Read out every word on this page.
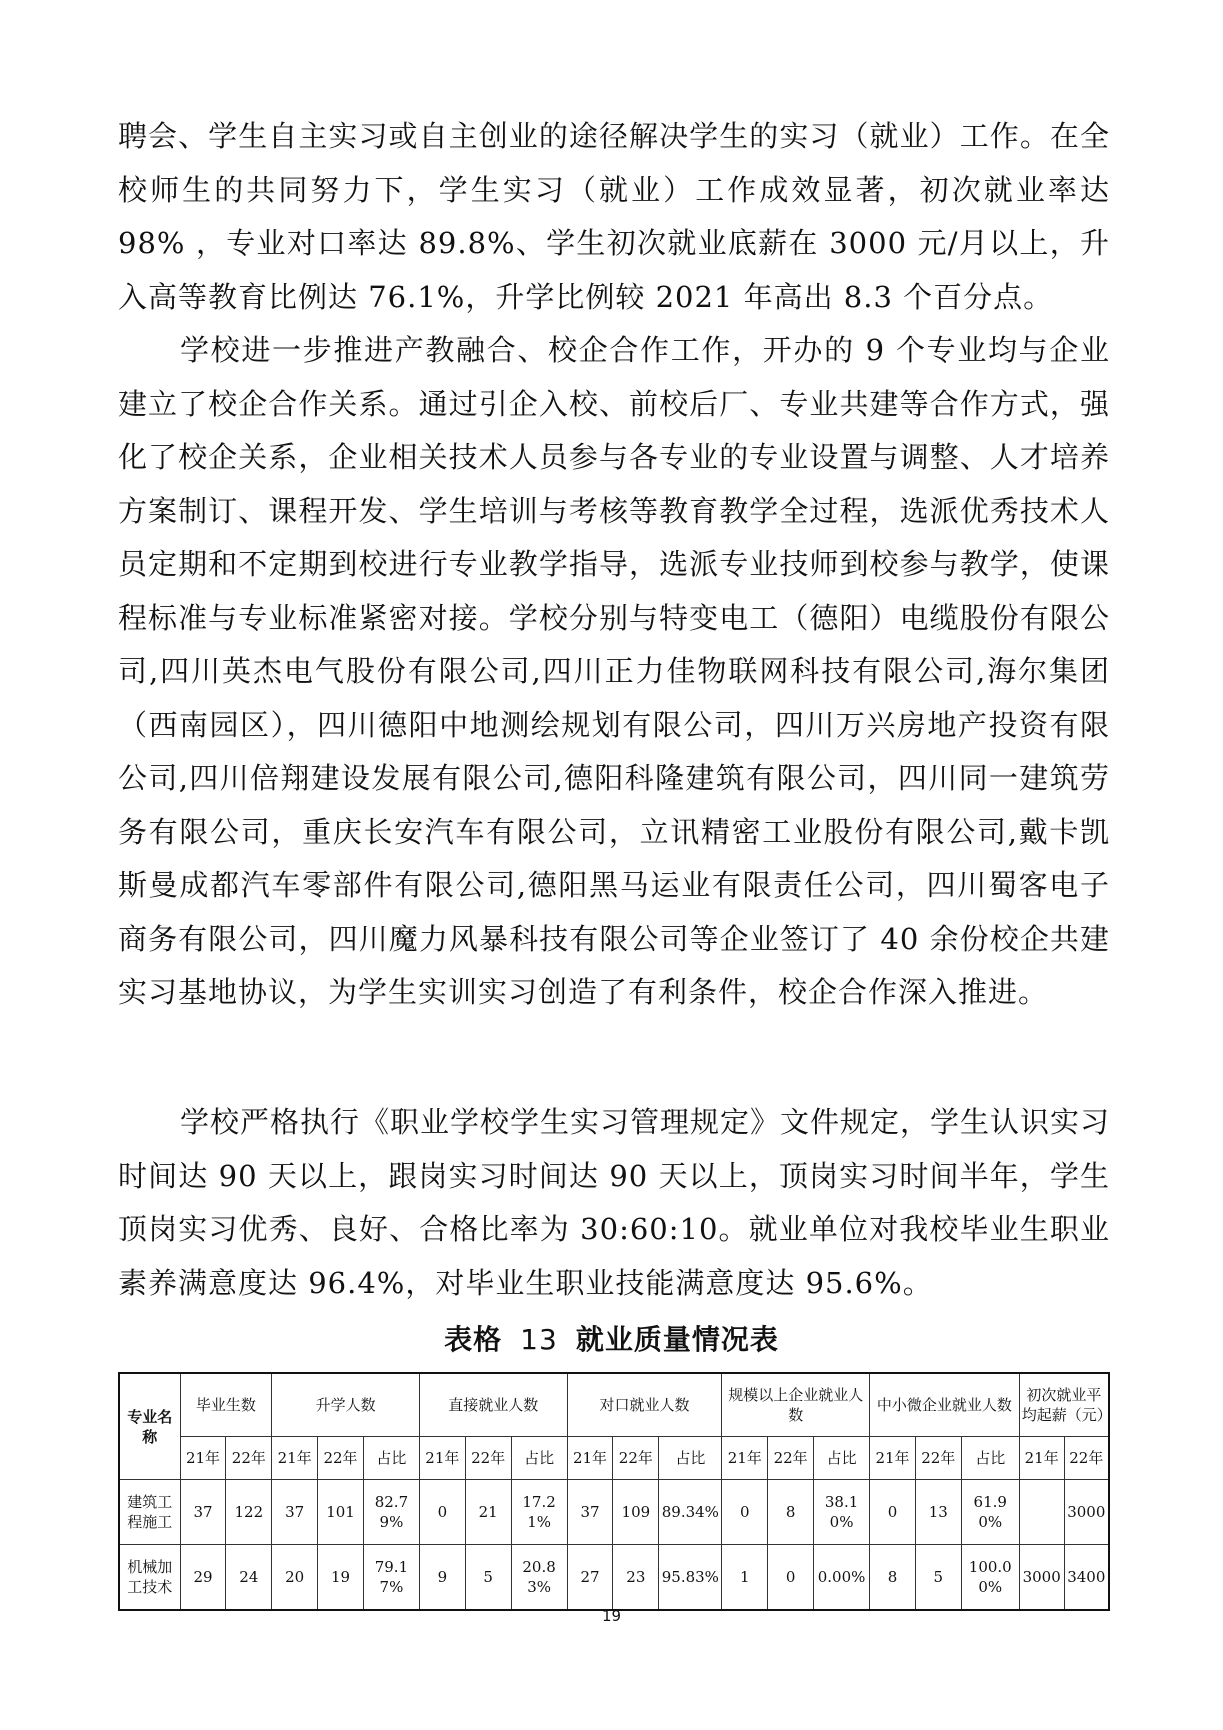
聘会、学生自主实习或自主创业的途径解决学生的实习（就业）工作。在全校师生的共同努力下，学生实习（就业）工作成效显著，初次就业率达98% ，专业对口率达 89.8%、学生初次就业底薪在 3000 元/月以上，升入高等教育比例达 76.1%，升学比例较 2021 年高出 8.3 个百分点。

学校进一步推进产教融合、校企合作工作，开办的 9 个专业均与企业建立了校企合作关系。通过引企入校、前校后厂、专业共建等合作方式，强化了校企关系，企业相关技术人员参与各专业的专业设置与调整、人才培养方案制订、课程开发、学生培训与考核等教育教学全过程，选派优秀技术人员定期和不定期到校进行专业教学指导，选派专业技师到校参与教学，使课程标准与专业标准紧密对接。学校分别与特变电工（德阳）电缆股份有限公司,四川英杰电气股份有限公司,四川正力佳物联网科技有限公司,海尔集团（西南园区），四川德阳中地测绘规划有限公司，四川万兴房地产投资有限公司,四川倍翔建设发展有限公司,德阳科隆建筑有限公司，四川同一建筑劳务有限公司，重庆长安汽车有限公司，立讯精密工业股份有限公司,戴卡凯斯曼成都汽车零部件有限公司,德阳黑马运业有限责任公司，四川蜀客电子商务有限公司，四川魔力风暴科技有限公司等企业签订了 40 余份校企共建实习基地协议，为学生实训实习创造了有利条件，校企合作深入推进。

学校严格执行《职业学校学生实习管理规定》文件规定，学生认识实习时间达 90 天以上，跟岗实习时间达 90 天以上，顶岗实习时间半年，学生顶岗实习优秀、良好、合格比率为 30:60:10。就业单位对我校毕业生职业素养满意度达 96.4%，对毕业生职业技能满意度达 95.6%。

表格 13 就业质量情况表
专业名称	毕业生数		升学人数			直接就业人数			对口就业人数			规模以上企业就业人数			中小微企业就业人数			初次就业平均起薪（元）	
	21年	22年	21年	22年	占比	21年	22年	占比	21年	22年	占比	21年	22年	占比	21年	22年	占比	21年	22年
建筑工程施工	37	122	37	101	82.79%	0	21	17.21%	37	109	89.34%	0	8	38.10%	0	13	61.90%		3000
机械加工技术	29	24	20	19	79.17%	9	5	20.83%	27	23	95.83%	1	0	0.00%	8	5	100.00%	3000	3400
19
